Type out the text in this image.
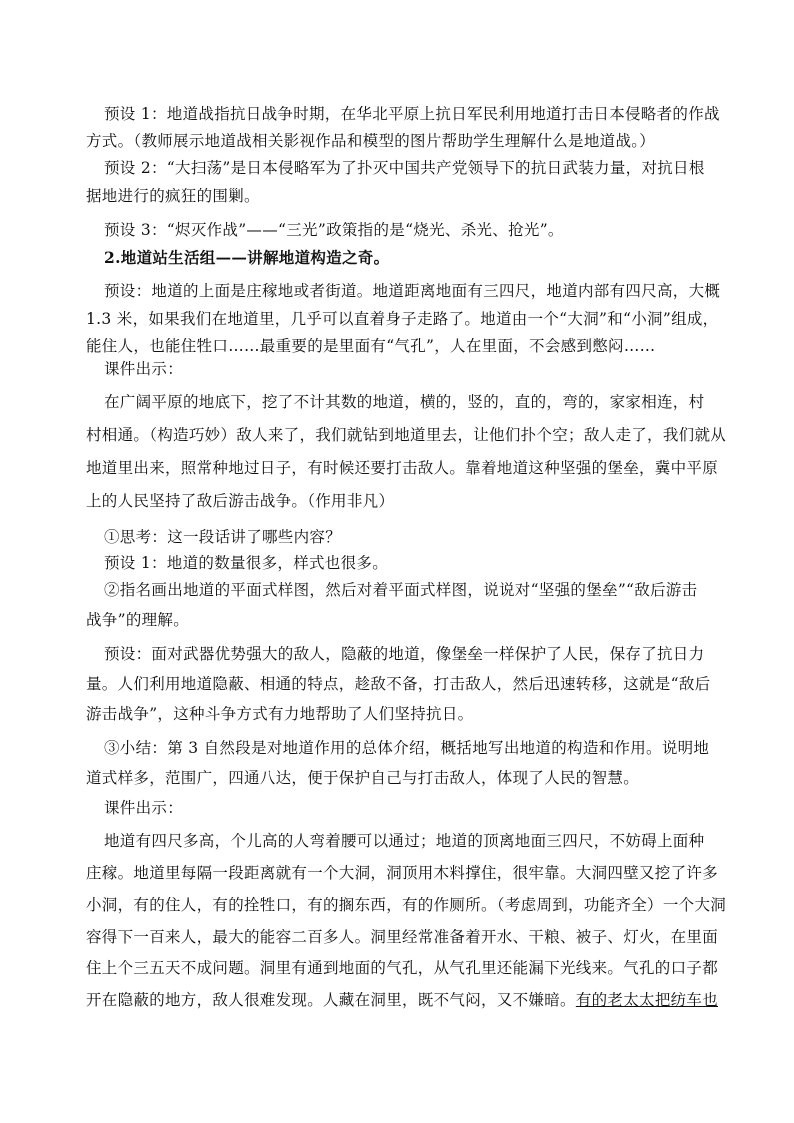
预设 1：地道战指抗日战争时期，在华北平原上抗日军民利用地道打击日本侵略者的作战
方式。（教师展示地道战相关影视作品和模型的图片帮助学生理解什么是地道战。）
预设 2：“大扫荡”是日本侵略军为了扑灭中国共产党领导下的抗日武装力量，对抗日根
据地进行的疯狂的围剿。
预设 3：“烬灭作战”——“三光”政策指的是“烧光、杀光、抢光”。
2.地道站生活组——讲解地道构造之奇。
预设：地道的上面是庄稼地或者街道。地道距离地面有三四尺，地道内部有四尺高，大概
1.3 米，如果我们在地道里，几乎可以直着身子走路了。地道由一个“大洞”和“小洞”组成，
能住人，也能住牲口……最重要的是里面有“气孔”，人在里面，不会感到憋闷……
课件出示：
在广阔平原的地底下，挖了不计其数的地道，横的，竖的，直的，弯的，家家相连，村
村相通。（构造巧妙）敌人来了，我们就钻到地道里去，让他们扑个空；敌人走了，我们就从
地道里出来，照常种地过日子，有时候还要打击敌人。靠着地道这种坚强的堡垒，冀中平原
上的人民坚持了敌后游击战争。（作用非凡）
①思考：这一段话讲了哪些内容？
预设 1：地道的数量很多，样式也很多。
②指名画出地道的平面式样图，然后对着平面式样图，说说对“坚强的堡垒”“敌后游击
战争”的理解。
预设：面对武器优势强大的敌人，隐蔽的地道，像堡垒一样保护了人民，保存了抗日力
量。人们利用地道隐蔽、相通的特点，趁敌不备，打击敌人，然后迅速转移，这就是“敌后
游击战争”，这种斗争方式有力地帮助了人们坚持抗日。
③小结：第 3 自然段是对地道作用的总体介绍，概括地写出地道的构造和作用。说明地
道式样多，范围广，四通八达，便于保护自己与打击敌人，体现了人民的智慧。
课件出示：
地道有四尺多高，个儿高的人弯着腰可以通过；地道的顶离地面三四尺，不妨碍上面种
庄稼。地道里每隔一段距离就有一个大洞，洞顶用木料撑住，很牢靠。大洞四壁又挖了许多
小洞，有的住人，有的拴牲口，有的搁东西，有的作厕所。（考虑周到，功能齐全）一个大洞
容得下一百来人，最大的能容二百多人。洞里经常准备着开水、干粮、被子、灯火，在里面
住上个三五天不成问题。洞里有通到地面的气孔，从气孔里还能漏下光线来。气孔的口子都
开在隐蔽的地方，敌人很难发现。人藏在洞里，既不气闷，又不嫌暗。有的老太太把纺车也
